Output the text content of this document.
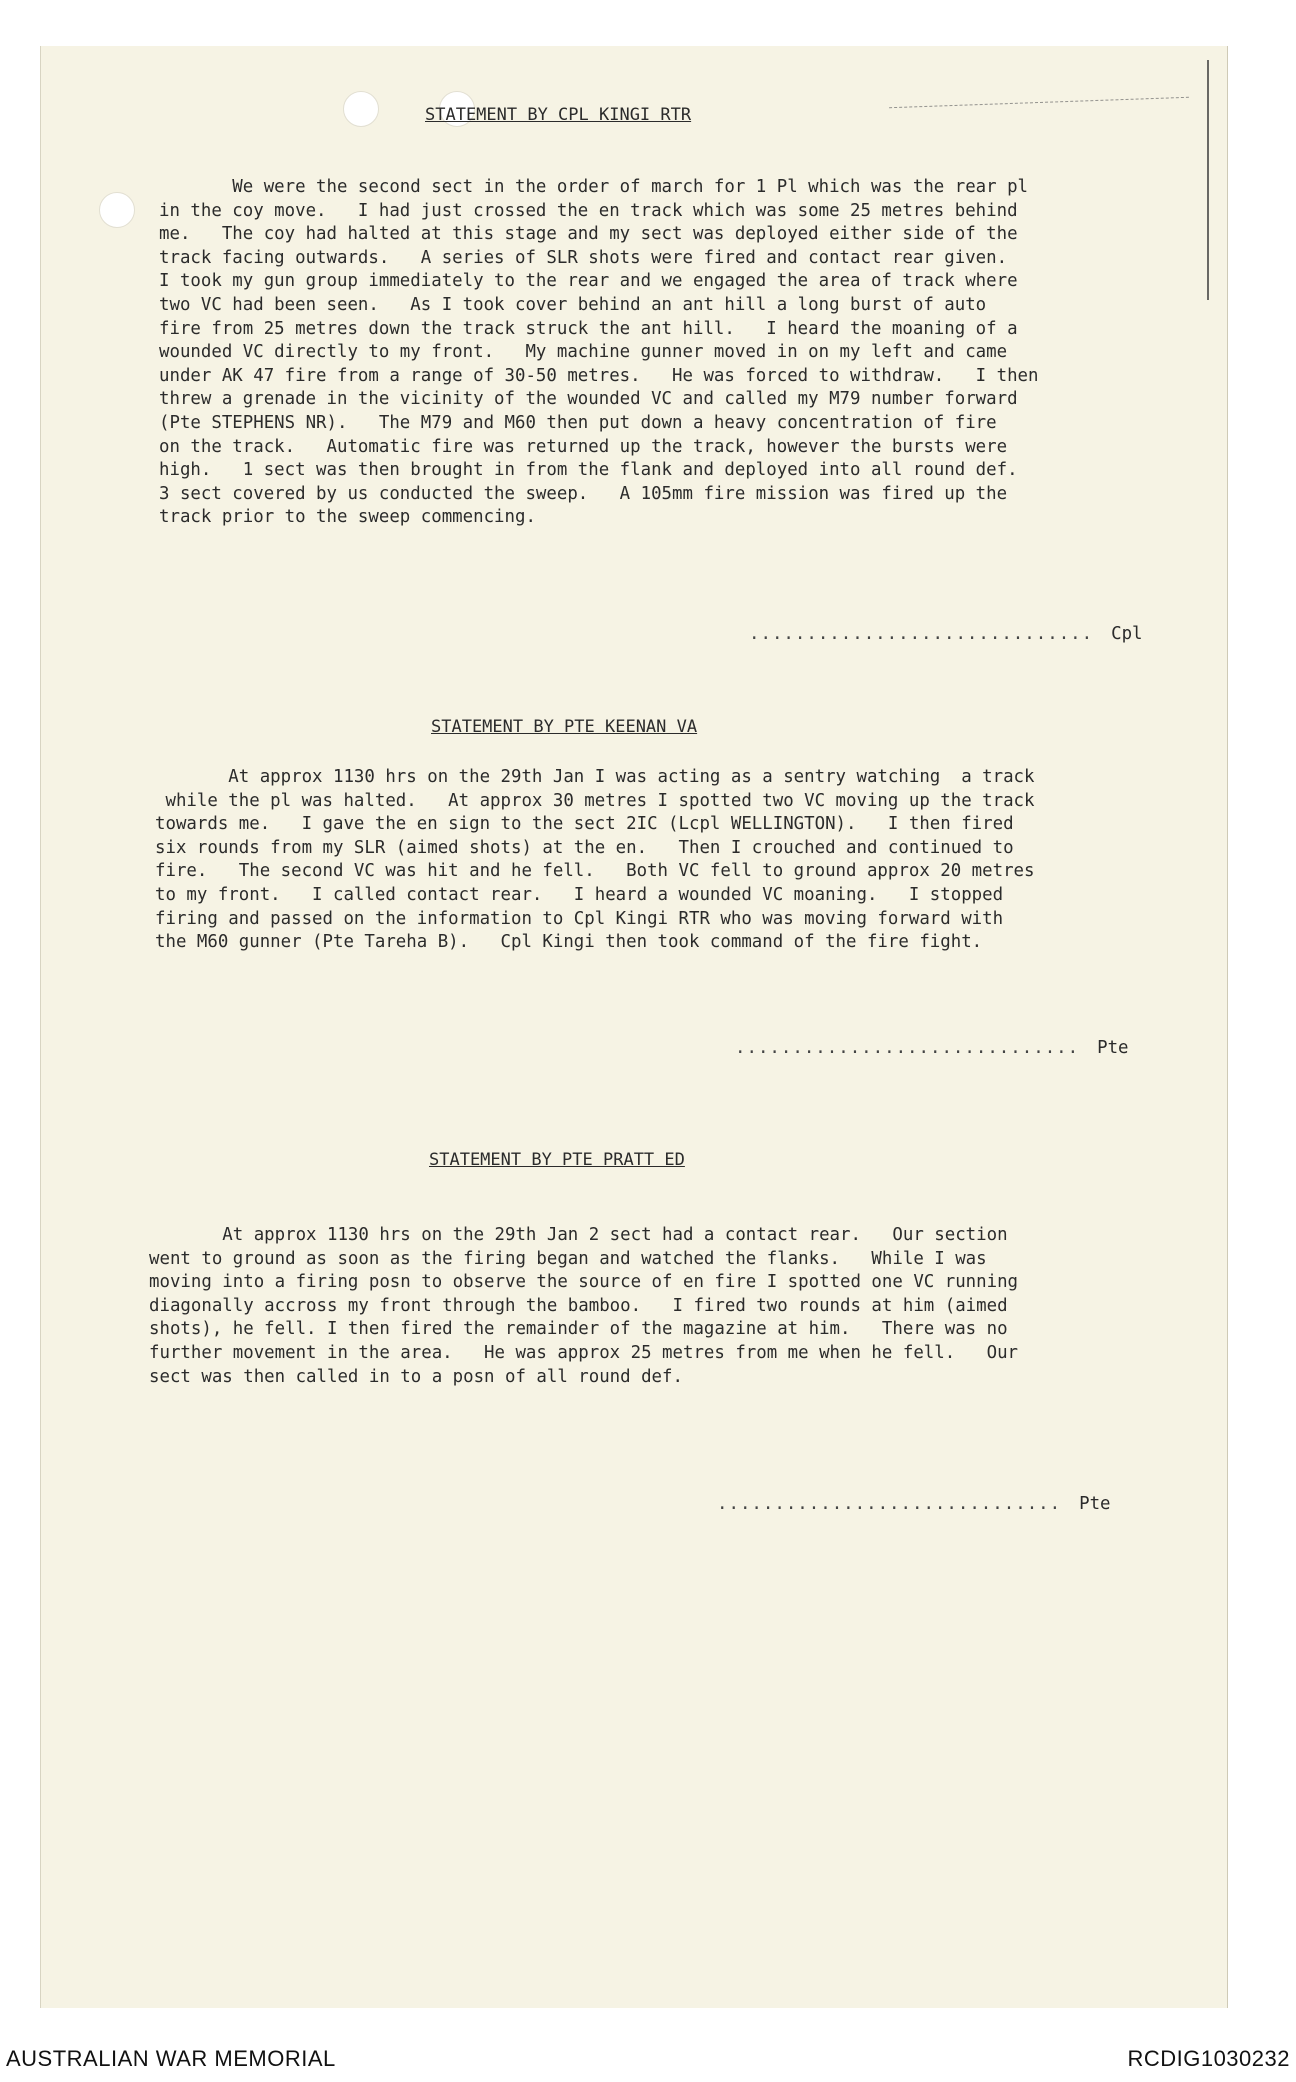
STATEMENT BY CPL KINGI RTR
We were the second sect in the order of march for 1 Pl which was the rear pl
in the coy move.   I had just crossed the en track which was some 25 metres behind
me.   The coy had halted at this stage and my sect was deployed either side of the
track facing outwards.   A series of SLR shots were fired and contact rear given.
I took my gun group immediately to the rear and we engaged the area of track where
two VC had been seen.   As I took cover behind an ant hill a long burst of auto
fire from 25 metres down the track struck the ant hill.   I heard the moaning of a
wounded VC directly to my front.   My machine gunner moved in on my left and came
under AK 47 fire from a range of 30-50 metres.   He was forced to withdraw.   I then
threw a grenade in the vicinity of the wounded VC and called my M79 number forward
(Pte STEPHENS NR).   The M79 and M60 then put down a heavy concentration of fire
on the track.   Automatic fire was returned up the track, however the bursts were
high.   1 sect was then brought in from the flank and deployed into all round def.
3 sect covered by us conducted the sweep.   A 105mm fire mission was fired up the
track prior to the sweep commencing.
.............................. Cpl
STATEMENT BY PTE KEENAN VA
At approx 1130 hrs on the 29th Jan I was acting as a sentry watching  a track
while the pl was halted.   At approx 30 metres I spotted two VC moving up the track
towards me.   I gave the en sign to the sect 2IC (Lcpl WELLINGTON).   I then fired
six rounds from my SLR (aimed shots) at the en.   Then I crouched and continued to
fire.   The second VC was hit and he fell.   Both VC fell to ground approx 20 metres
to my front.   I called contact rear.   I heard a wounded VC moaning.   I stopped
firing and passed on the information to Cpl Kingi RTR who was moving forward with
the M60 gunner (Pte Tareha B).   Cpl Kingi then took command of the fire fight.
.............................. Pte
STATEMENT BY PTE PRATT ED
At approx 1130 hrs on the 29th Jan 2 sect had a contact rear.   Our section
went to ground as soon as the firing began and watched the flanks.   While I was
moving into a firing posn to observe the source of en fire I spotted one VC running
diagonally accross my front through the bamboo.   I fired two rounds at him (aimed
shots), he fell. I then fired the remainder of the magazine at him.   There was no
further movement in the area.   He was approx 25 metres from me when he fell.   Our
sect was then called in to a posn of all round def.
.............................. Pte
AUSTRALIAN WAR MEMORIAL	RCDIG1030232
